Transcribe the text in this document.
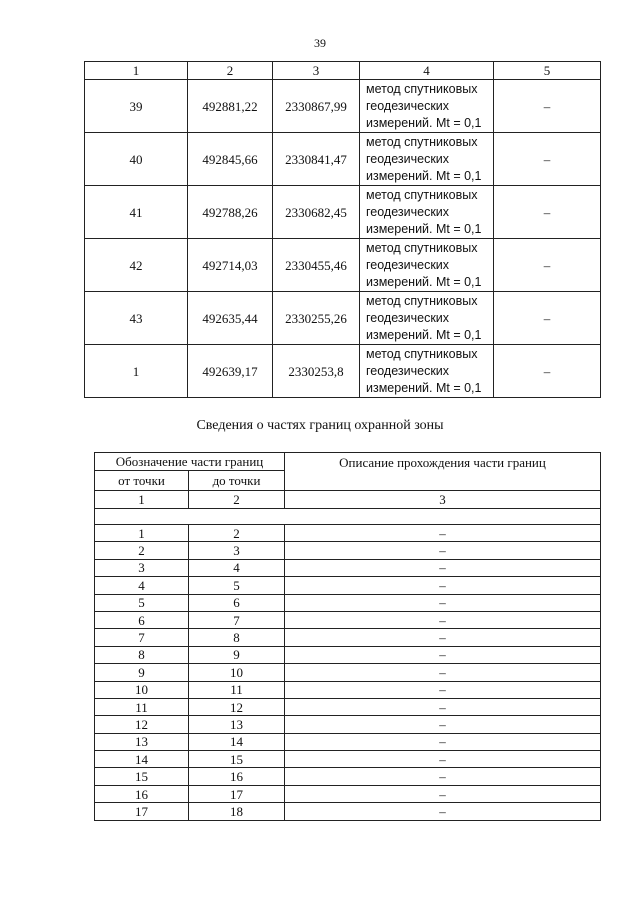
39
1	2	3	4	5
39	492881,22	2330867,99	метод спутниковых
геодезических
измерений. Mt = 0,1	–
40	492845,66	2330841,47	метод спутниковых
геодезических
измерений. Mt = 0,1	–
41	492788,26	2330682,45	метод спутниковых
геодезических
измерений. Mt = 0,1	–
42	492714,03	2330455,46	метод спутниковых
геодезических
измерений. Mt = 0,1	–
43	492635,44	2330255,26	метод спутниковых
геодезических
измерений. Mt = 0,1	–
1	492639,17	2330253,8	метод спутниковых
геодезических
измерений. Mt = 0,1	–
Сведения о частях границ охранной зоны
Обозначение части границ		Описание прохождения части границ
от точки	до точки	
1	2	3

1	2	–
2	3	–
3	4	–
4	5	–
5	6	–
6	7	–
7	8	–
8	9	–
9	10	–
10	11	–
11	12	–
12	13	–
13	14	–
14	15	–
15	16	–
16	17	–
17	18	–
